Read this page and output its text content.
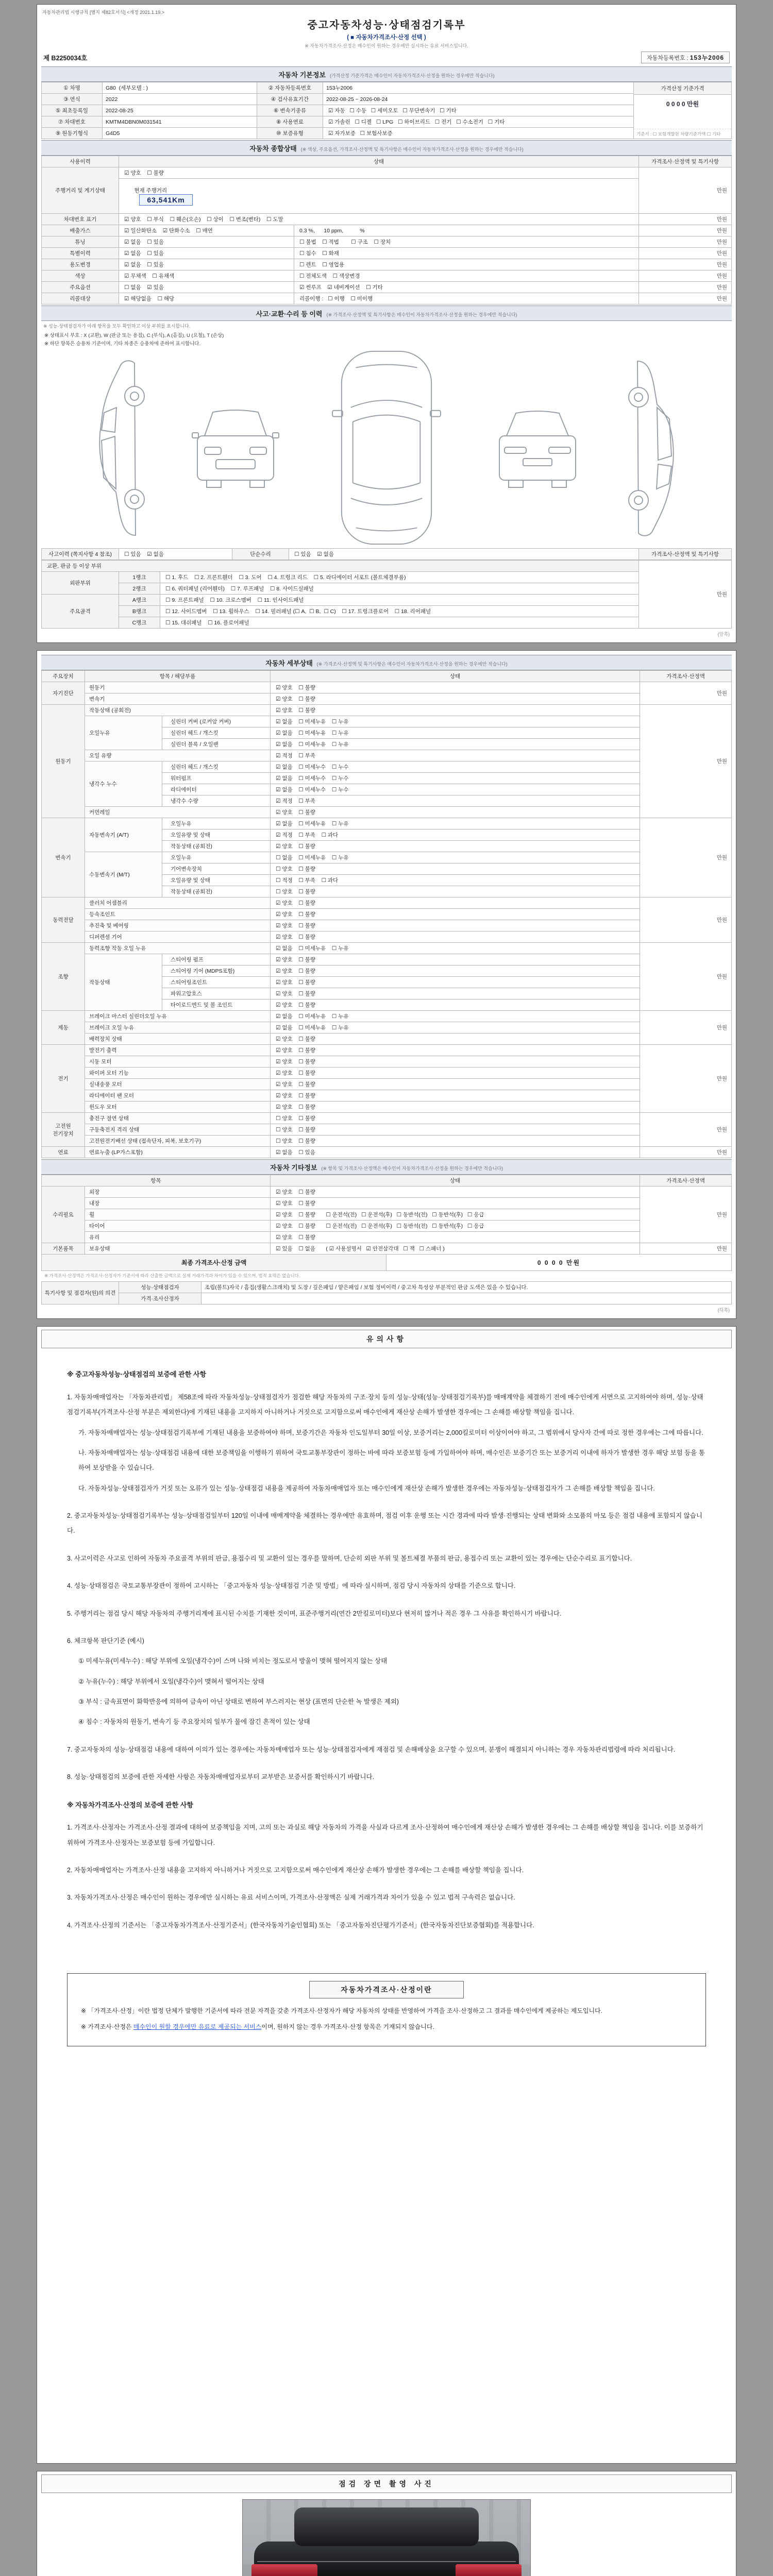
자동차관리법 시행규칙 [별지 제82호서식] <개정 2021.1.19.>
중고자동차성능·상태점검기록부
( ■ 자동차가격조사·산정 선택 )
※ 자동차가격조사·산정은 매수인이 원하는 경우에만 실시하는 유료 서비스입니다.
제 B2250034호	자동차등록번호 : 153누2006
자동차 기본정보 (가격산정 기준가격은 매수인이 자동차가격조사·산정을 원하는 경우에만 적습니다)
① 차명	G80  (세부모델 : )	② 자동차등록번호	153누2006
③ 연식	2022	④ 검사유효기간	2022-08-25 ~ 2026-08-24
⑤ 최초등록일	2022-08-25	⑥ 변속기종류	☑ 자동   ☐ 수동   ☐ 세미오토   ☐ 무단변속기   ☐ 기타
⑦ 차대번호	KMTM4DBN0M031541	⑧ 사용연료	☑ 가솔린   ☐ 디젤   ☐ LPG   ☐ 하이브리드   ☐ 전기   ☐ 수소전기   ☐ 기타
⑨ 원동기형식	G4D5	⑩ 보증유형	☑ 자가보증   ☐ 보험사보증
가격산정 기준가격
0 0 0 0 만원
기준서 : ☐ 보험개발원 차량기준가액 ☐ 기타
자동차 종합상태 (※ 색상, 주요옵션, 가격조사·산정액 및 특기사항은 매수인이 자동차가격조사·산정을 원하는 경우에만 적습니다)
사용이력	상태		가격조사·산정액 및 특기사항
주행거리 및 계기상태	☑ 양호    ☐ 불량		만원

현재 주행거리
63,541Km		

차대번호 표기	☑ 양호    ☐ 부식    ☐ 훼손(오손)    ☐ 상이    ☐ 변조(변타)    ☐ 도말		만원
배출가스	☑ 일산화탄소    ☑ 탄화수소    ☐ 매연	0.3 %,      10 ppm,           %	만원
튜닝	☑ 없음    ☐ 있음	☐ 불법    ☐ 적법        ☐ 구조    ☐ 장치	만원
특별이력	☑ 없음    ☐ 있음	☐ 침수    ☐ 화재	만원
용도변경	☑ 없음    ☐ 있음	☐ 렌트    ☐ 영업용	만원
색상	☑ 무채색    ☐ 유채색	☐ 전체도색    ☐ 색상변경	만원
주요옵션	☐ 없음    ☑ 있음	☑ 썬루프    ☑ 네비게이션    ☐ 기타	만원
리콜대상	☑ 해당없음    ☐ 해당	리콜이행 :   ☐ 이행    ☐ 미이행	만원
사고·교환·수리 등 이력 (※ 가격조사·산정액 및 특기사항은 매수인이 자동차가격조사·산정을 원하는 경우에만 적습니다)
※ 성능·상태점검자가 아래 항목을 모두 확인하고 이상 부위를 표시합니다.
※ 상태표시 부호 : X (교환), W (판금 또는 용접), C (부식), A (흠집), U (요철), T (손상)
※ 하단 항목은 승용차 기준이며, 기타 차종은 승용차에 준하여 표시합니다.
사고이력 (쪽지사항 4 참조)	☐ 있음    ☑ 없음	단순수리	☐ 있음    ☑ 없음	가격조사·산정액 및 특기사항
교환, 판금 등 이상 부위			만원
외판부위	1랭크	☐ 1. 후드    ☐ 2. 프론트휀더    ☐ 3. 도어    ☐ 4. 트렁크 리드    ☐ 5. 라디에이터 서포트 (볼트체결부품)	
	2랭크	☐ 6. 쿼터패널 (리어휀더)    ☐ 7. 루프패널    ☐ 8. 사이드실패널	
주요골격	A랭크	☐ 9. 프론트패널    ☐ 10. 크로스멤버    ☐ 11. 인사이드패널	
	B랭크	☐ 12. 사이드멤버    ☐ 13. 휠하우스    ☐ 14. 필러패널 (☐ A,  ☐ B,  ☐ C)    ☐ 17. 트렁크플로어    ☐ 18. 리어패널	
	C랭크	☐ 15. 대쉬패널    ☐ 16. 플로어패널	
(앞쪽)
자동차 세부상태 (※ 가격조사·산정액 및 특기사항은 매수인이 자동차가격조사·산정을 원하는 경우에만 적습니다)
주요장치	항목 / 해당부품		상태	가격조사·산정액
자기진단	원동기		☑ 양호    ☐ 불량	만원
	변속기		☑ 양호    ☐ 불량	
원동기	작동상태 (공회전)		☑ 양호    ☐ 불량	만원
	오일누유	실린더 커버 (로커암 커버)	☑ 없음    ☐ 미세누유    ☐ 누유	
		실린더 헤드 / 개스킷	☑ 없음    ☐ 미세누유    ☐ 누유	
		실린더 블록 / 오일팬	☑ 없음    ☐ 미세누유    ☐ 누유	
	오일 유량		☑ 적정    ☐ 부족	
	냉각수 누수	실린더 헤드 / 개스킷	☑ 없음    ☐ 미세누수    ☐ 누수	
		워터펌프	☑ 없음    ☐ 미세누수    ☐ 누수	
		라디에이터	☑ 없음    ☐ 미세누수    ☐ 누수	
		냉각수 수량	☑ 적정    ☐ 부족	
	커먼레일		☑ 양호    ☐ 불량	
변속기	자동변속기 (A/T)	오일누유	☑ 없음    ☐ 미세누유    ☐ 누유	만원
		오일유량 및 상태	☑ 적정    ☐ 부족    ☐ 과다	
		작동상태 (공회전)	☑ 양호    ☐ 불량	
	수동변속기 (M/T)	오일누유	☐ 없음    ☐ 미세누유    ☐ 누유	
		기어변속장치	☐ 양호    ☐ 불량	
		오일유량 및 상태	☐ 적정    ☐ 부족    ☐ 과다	
		작동상태 (공회전)	☐ 양호    ☐ 불량	
동력전달	클러치 어셈블리		☑ 양호    ☐ 불량	만원
	등속조인트		☑ 양호    ☐ 불량	
	추진축 및 베어링		☑ 양호    ☐ 불량	
	디퍼렌셜 기어		☑ 양호    ☐ 불량	
조향	동력조향 작동 오일 누유		☑ 없음    ☐ 미세누유    ☐ 누유	만원
	작동상태	스티어링 펌프	☑ 양호    ☐ 불량	
		스티어링 기어 (MDPS포함)	☑ 양호    ☐ 불량	
		스티어링조인트	☑ 양호    ☐ 불량	
		파워고압호스	☑ 양호    ☐ 불량	
		타이로드엔드 및 볼 조인트	☑ 양호    ☐ 불량	
제동	브레이크 마스터 실린더오일 누유		☑ 없음    ☐ 미세누유    ☐ 누유	만원
	브레이크 오일 누유		☑ 없음    ☐ 미세누유    ☐ 누유	
	배력장치 상태		☑ 양호    ☐ 불량	
전기	발전기 출력		☑ 양호    ☐ 불량	만원
	시동 모터		☑ 양호    ☐ 불량	
	와이퍼 모터 기능		☑ 양호    ☐ 불량	
	실내송풍 모터		☑ 양호    ☐ 불량	
	라디에이터 팬 모터		☑ 양호    ☐ 불량	
	윈도우 모터		☑ 양호    ☐ 불량	
고전원 전기장치	충전구 절연 상태		☐ 양호    ☐ 불량	만원
	구동축전지 격리 상태		☐ 양호    ☐ 불량	
	고전원전기배선 상태 (접속단자, 피복, 보호기구)		☐ 양호    ☐ 불량	
연료	연료누출 (LP가스포함)		☑ 없음    ☐ 있음	만원
자동차 기타정보 (※ 항목 및 가격조사·산정액은 매수인이 자동차가격조사·산정을 원하는 경우에만 적습니다)
항목		상태	가격조사·산정액
수리필요	외장	☑ 양호    ☐ 불량	만원
	내장	☑ 양호    ☐ 불량	
	휠	☑ 양호    ☐ 불량       ☐ 운전석(전)   ☐ 운전석(후)   ☐ 동반석(전)   ☐ 동반석(후)   ☐ 응급	
	타이어	☑ 양호    ☐ 불량       ☐ 운전석(전)   ☐ 운전석(후)   ☐ 동반석(전)   ☐ 동반석(후)   ☐ 응급	
	유리	☑ 양호    ☐ 불량	
기본품목	보유상태	☑ 있음    ☐ 없음       ( ☑ 사용설명서   ☑ 안전삼각대   ☐ 잭   ☐ 스패너 )	만원
최종 가격조사·산정 금액	0 0 0 0 만원
※ 가격조사·산정액은 가격조사·산정자가 기준서에 따라 산출한 금액으로 실제 거래가격과 차이가 있을 수 있으며, 법적 효력은 없습니다.
특기사항 및 점검자(원)의 의견	성능·상태점검자	조립(볼트)자국 / 흠집(생활스크래치) 및 도장 / 깊은패임 / 얕은패임 / 보험 정비이력 / 중고차 특성상 부분적인 판금 도색은 있을 수 있습니다.
	가격·조사산정자	
(뒤쪽)
유의사항
※ 중고자동차성능·상태점검의 보증에 관한 사항
1. 자동차매매업자는 「자동차관리법」 제58조에 따라 자동차성능·상태점검자가 점검한 해당 자동차의 구조·장치 등의 성능·상태(성능·상태점검기록부)를 매매계약을 체결하기 전에 매수인에게 서면으로 고지하여야 하며, 성능·상태점검기록부(가격조사·산정 부분은 제외한다)에 기재된 내용을 고지하지 아니하거나 거짓으로 고지함으로써 매수인에게 재산상 손해가 발생한 경우에는 그 손해를 배상할 책임을 집니다.
가. 자동차매매업자는 성능·상태점검기록부에 기재된 내용을 보증하여야 하며, 보증기간은 자동차 인도일부터 30일 이상, 보증거리는 2,000킬로미터 이상이어야 하고, 그 범위에서 당사자 간에 따로 정한 경우에는 그에 따릅니다.
나. 자동차매매업자는 성능·상태점검 내용에 대한 보증책임을 이행하기 위하여 국토교통부장관이 정하는 바에 따라 보증보험 등에 가입하여야 하며, 매수인은 보증기간 또는 보증거리 이내에 하자가 발생한 경우 해당 보험 등을 통하여 보상받을 수 있습니다.
다. 자동차성능·상태점검자가 거짓 또는 오류가 있는 성능·상태점검 내용을 제공하여 자동차매매업자 또는 매수인에게 재산상 손해가 발생한 경우에는 자동차성능·상태점검자가 그 손해를 배상할 책임을 집니다.
2. 중고자동차성능·상태점검기록부는 성능·상태점검일부터 120일 이내에 매매계약을 체결하는 경우에만 유효하며, 점검 이후 운행 또는 시간 경과에 따라 발생·진행되는 상태 변화와 소모품의 마모 등은 점검 내용에 포함되지 않습니다.
3. 사고이력은 사고로 인하여 자동차 주요골격 부위의 판금, 용접수리 및 교환이 있는 경우를 말하며, 단순히 외판 부위 및 볼트체결 부품의 판금, 용접수리 또는 교환이 있는 경우에는 단순수리로 표기합니다.
4. 성능·상태점검은 국토교통부장관이 정하여 고시하는 「중고자동차 성능·상태점검 기준 및 방법」에 따라 실시하며, 점검 당시 자동차의 상태를 기준으로 합니다.
5. 주행거리는 점검 당시 해당 자동차의 주행거리계에 표시된 수치를 기재한 것이며, 표준주행거리(연간 2만킬로미터)보다 현저히 많거나 적은 경우 그 사유를 확인하시기 바랍니다.
6. 체크항목 판단기준 (예시)
① 미세누유(미세누수) : 해당 부위에 오일(냉각수)이 스며 나와 비치는 정도로서 방울이 맺혀 떨어지지 않는 상태
② 누유(누수) : 해당 부위에서 오일(냉각수)이 맺혀서 떨어지는 상태
③ 부식 : 금속표면이 화학반응에 의하여 금속이 아닌 상태로 변하여 부스러지는 현상 (표면의 단순한 녹 발생은 제외)
④ 침수 : 자동차의 원동기, 변속기 등 주요장치의 일부가 물에 잠긴 흔적이 있는 상태
7. 중고자동차의 성능·상태점검 내용에 대하여 이의가 있는 경우에는 자동차매매업자 또는 성능·상태점검자에게 재점검 및 손해배상을 요구할 수 있으며, 분쟁이 해결되지 아니하는 경우 자동차관리법령에 따라 처리됩니다.
8. 성능·상태점검의 보증에 관한 자세한 사항은 자동차매매업자로부터 교부받은 보증서를 확인하시기 바랍니다.
※ 자동차가격조사·산정의 보증에 관한 사항
1. 가격조사·산정자는 가격조사·산정 결과에 대하여 보증책임을 지며, 고의 또는 과실로 해당 자동차의 가격을 사실과 다르게 조사·산정하여 매수인에게 재산상 손해가 발생한 경우에는 그 손해를 배상할 책임을 집니다. 이를 보증하기 위하여 가격조사·산정자는 보증보험 등에 가입합니다.
2. 자동차매매업자는 가격조사·산정 내용을 고지하지 아니하거나 거짓으로 고지함으로써 매수인에게 재산상 손해가 발생한 경우에는 그 손해를 배상할 책임을 집니다.
3. 자동차가격조사·산정은 매수인이 원하는 경우에만 실시하는 유료 서비스이며, 가격조사·산정액은 실제 거래가격과 차이가 있을 수 있고 법적 구속력은 없습니다.
4. 가격조사·산정의 기준서는 「중고자동차가격조사·산정기준서」(한국자동차기술인협회) 또는 「중고자동차진단평가기준서」(한국자동차진단보증협회)를 적용합니다.
자동차가격조사·산정이란

※ 「가격조사·산정」이란 법정 단체가 발행한 기준서에 따라 전문 자격을 갖춘 가격조사·산정자가 해당 자동차의 상태를 반영하여 가격을 조사·산정하고 그 결과를 매수인에게 제공하는 제도입니다.

※ 가격조사·산정은 매수인이 원할 경우에만 유료로 제공되는 서비스이며, 원하지 않는 경우 가격조사·산정 항목은 기재되지 않습니다.

점검 장면 촬영 사진
